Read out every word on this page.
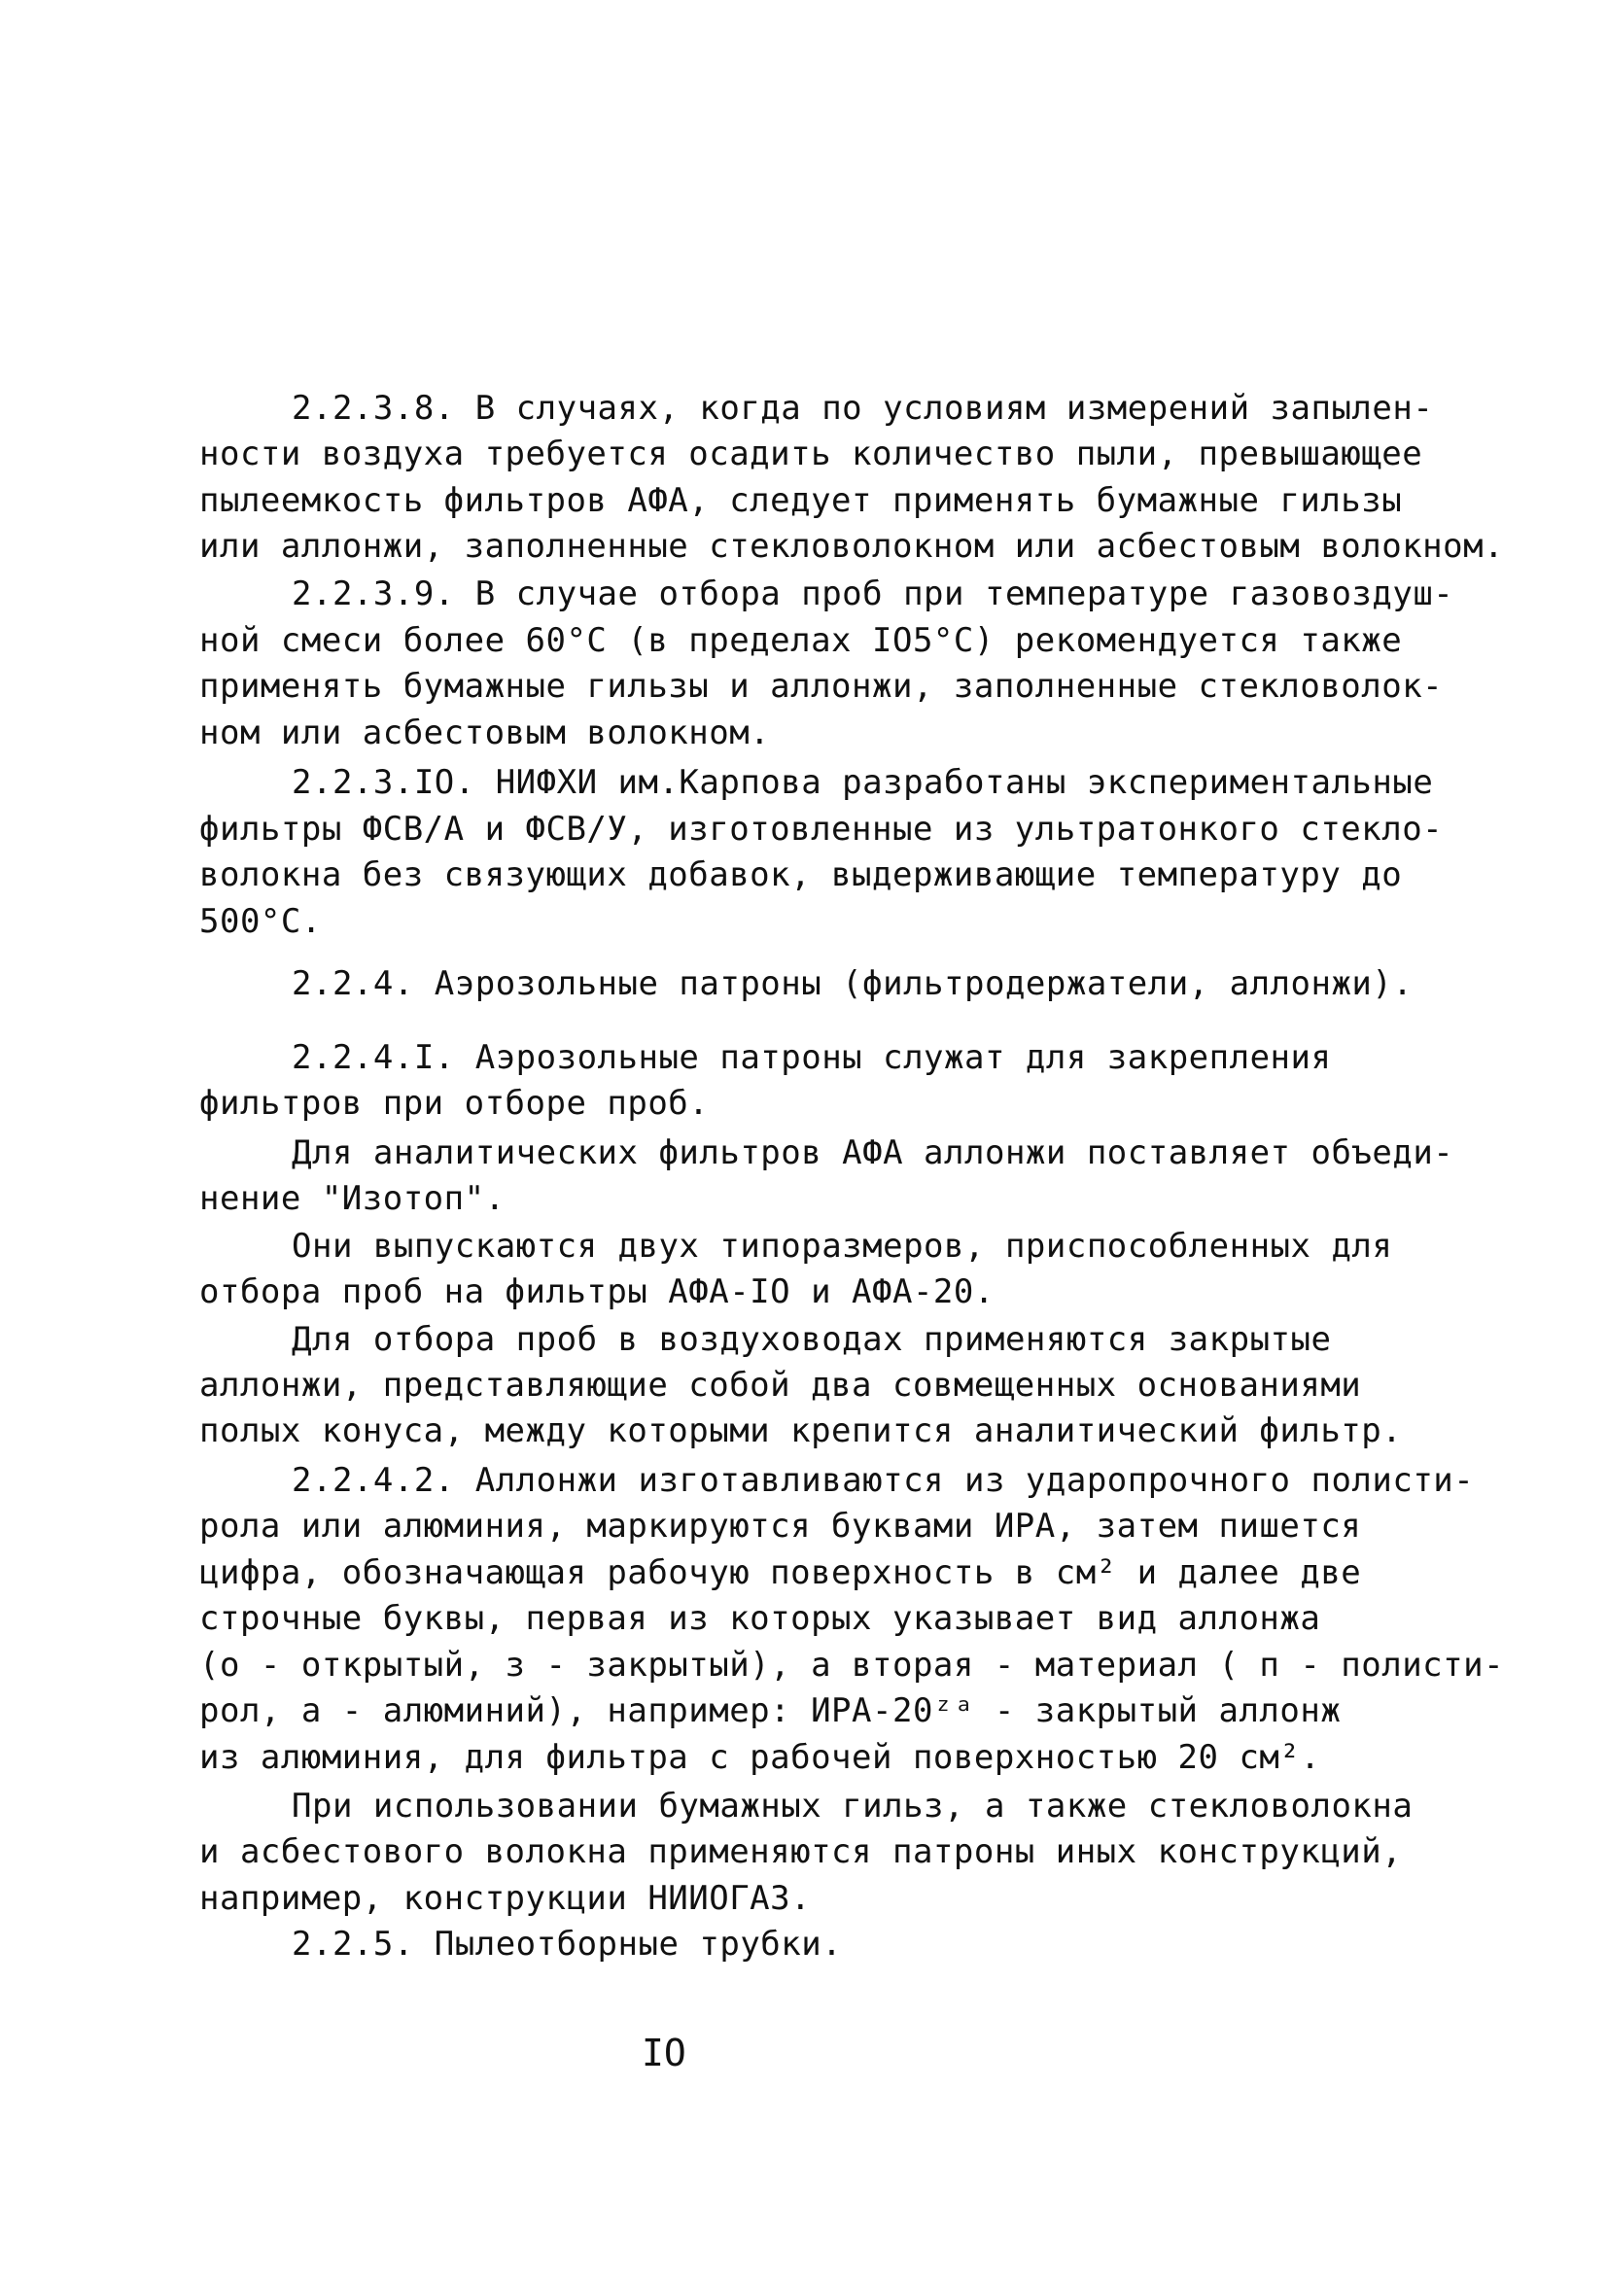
2.2.3.8. В случаях, когда по условиям измерений запылен-
ности воздуха требуется осадить количество пыли, превышающее
пылеемкость фильтров АФА, следует применять бумажные гильзы
или аллонжи, заполненные стекловолокном или асбестовым волокном.
2.2.3.9. В случае отбора проб при температуре газовоздуш-
ной смеси более 60°С (в пределах IO5°С) рекомендуется также
применять бумажные гильзы и аллонжи, заполненные стекловолок-
ном или асбестовым волокном.
2.2.3.IO. НИФХИ им.Карпова разработаны экспериментальные
фильтры ФСВ/А и ФСВ/У, изготовленные из ультратонкого стекло-
волокна без связующих добавок, выдерживающие температуру до
500°С.
2.2.4. Аэрозольные патроны (фильтродержатели, аллонжи).
2.2.4.I. Аэрозольные патроны служат для закрепления
фильтров при отборе проб.
Для аналитических фильтров АФА аллонжи поставляет объеди-
нение "Изотоп".
Они выпускаются двух типоразмеров, приспособленных для
отбора проб на фильтры АФА-IO и АФА-20.
Для отбора проб в воздуховодах применяются закрытые
аллонжи, представляющие собой два совмещенных основаниями
полых конуса, между которыми крепится аналитический фильтр.
2.2.4.2. Аллонжи изготавливаются из ударопрочного полисти-
рола или алюминия, маркируются буквами ИРА, затем пишется
цифра, обозначающая рабочую поверхность в см² и далее две
строчные буквы, первая из которых указывает вид аллонжа
(о - открытый, з - закрытый), а вторая - материал ( п - полисти-
рол, а - алюминий), например: ИРА-20ᶻᵃ - закрытый аллонж
из алюминия, для фильтра с рабочей поверхностью 20 см².
При использовании бумажных гильз, а также стекловолокна
и асбестового волокна применяются патроны иных конструкций,
например, конструкции НИИОГАЗ.
2.2.5. Пылеотборные трубки.
IO
